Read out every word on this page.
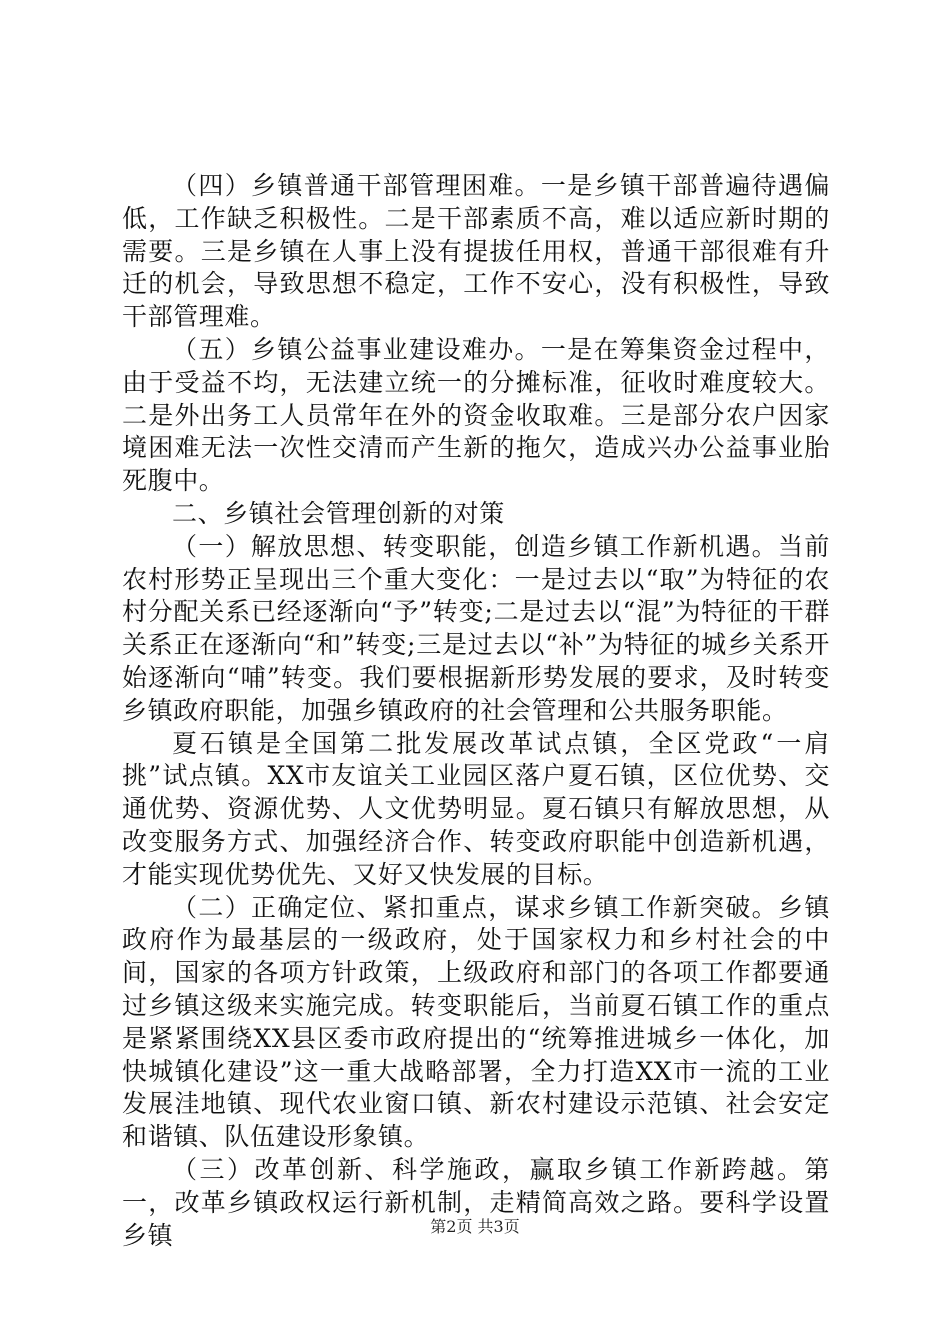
（四）乡镇普通干部管理困难。一是乡镇干部普遍待遇偏低，工作缺乏积极性。二是干部素质不高，难以适应新时期的需要。三是乡镇在人事上没有提拔任用权，普通干部很难有升迁的机会，导致思想不稳定，工作不安心，没有积极性，导致干部管理难。

（五）乡镇公益事业建设难办。一是在筹集资金过程中，由于受益不均，无法建立统一的分摊标准，征收时难度较大。二是外出务工人员常年在外的资金收取难。三是部分农户因家境困难无法一次性交清而产生新的拖欠，造成兴办公益事业胎死腹中。

二、乡镇社会管理创新的对策

（一）解放思想、转变职能，创造乡镇工作新机遇。当前农村形势正呈现出三个重大变化：一是过去以“取”为特征的农村分配关系已经逐渐向“予”转变;二是过去以“混”为特征的干群关系正在逐渐向“和”转变;三是过去以“补”为特征的城乡关系开始逐渐向“哺”转变。我们要根据新形势发展的要求，及时转变乡镇政府职能，加强乡镇政府的社会管理和公共服务职能。

夏石镇是全国第二批发展改革试点镇，全区党政“一肩挑”试点镇。XX市友谊关工业园区落户夏石镇，区位优势、交通优势、资源优势、人文优势明显。夏石镇只有解放思想，从改变服务方式、加强经济合作、转变政府职能中创造新机遇，才能实现优势优先、又好又快发展的目标。

（二）正确定位、紧扣重点，谋求乡镇工作新突破。乡镇政府作为最基层的一级政府，处于国家权力和乡村社会的中间，国家的各项方针政策，上级政府和部门的各项工作都要通过乡镇这级来实施完成。转变职能后，当前夏石镇工作的重点是紧紧围绕XX县区委市政府提出的“统筹推进城乡一体化，加快城镇化建设”这一重大战略部署，全力打造XX市一流的工业发展洼地镇、现代农业窗口镇、新农村建设示范镇、社会安定和谐镇、队伍建设形象镇。

（三）改革创新、科学施政，赢取乡镇工作新跨越。第一，改革乡镇政权运行新机制，走精简高效之路。要科学设置乡镇	第2页 共3页
